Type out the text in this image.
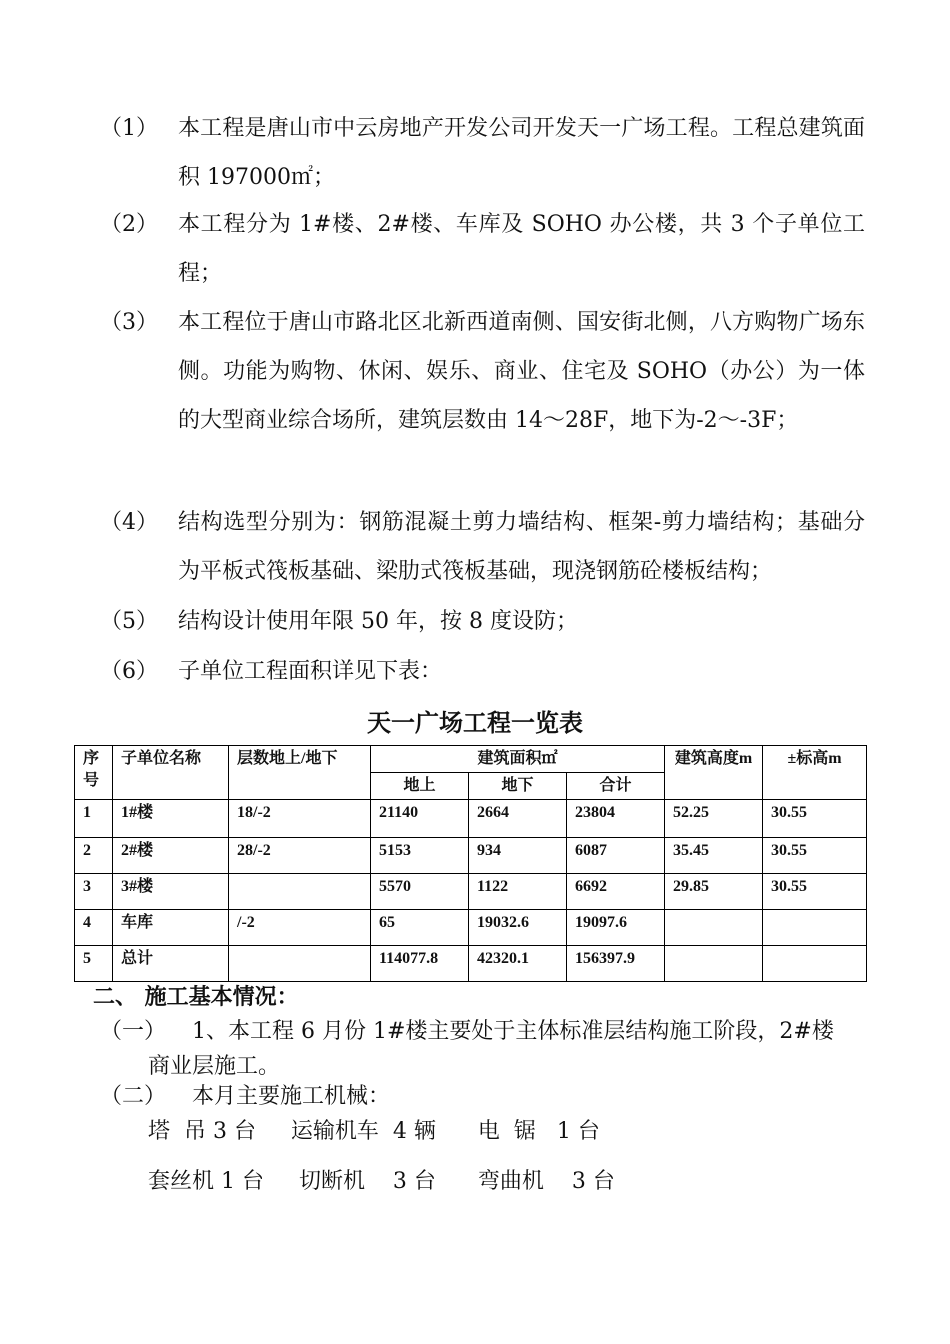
（1） 本工程是唐山市中云房地产开发公司开发天一广场工程。工程总建筑面积 197000㎡；
（2） 本工程分为 1#楼、2#楼、车库及 SOHO 办公楼，共 3 个子单位工程；
（3） 本工程位于唐山市路北区北新西道南侧、国安街北侧，八方购物广场东侧。功能为购物、休闲、娱乐、商业、住宅及 SOHO（办公）为一体的大型商业综合场所，建筑层数由 14～28F，地下为-2～-3F；
（4） 结构选型分别为：钢筋混凝土剪力墙结构、框架-剪力墙结构；基础分为平板式筏板基础、梁肋式筏板基础，现浇钢筋砼楼板结构；
（5） 结构设计使用年限 50 年，按 8 度设防；
（6） 子单位工程面积详见下表：
天一广场工程一览表
序号	子单位名称	层数地上/地下	建筑面积㎡			建筑高度m	±标高m
			地上	地下	合计		
1	1#楼	18/-2	21140	2664	23804	52.25	30.55
2	2#楼	28/-2	5153	934	6087	35.45	30.55
3	3#楼		5570	1122	6692	29.85	30.55
4	车库	/-2	65	19032.6	19097.6		
5	总计		114077.8	42320.1	156397.9		
二、 施工基本情况：
（一） 1、本工程 6 月份 1#楼主要处于主体标准层结构施工阶段，2#楼
商业层施工。
（二） 本月主要施工机械：
塔  吊 3 台     运输机车  4 辆      电  锯   1 台
套丝机 1 台     切断机    3 台      弯曲机    3 台
